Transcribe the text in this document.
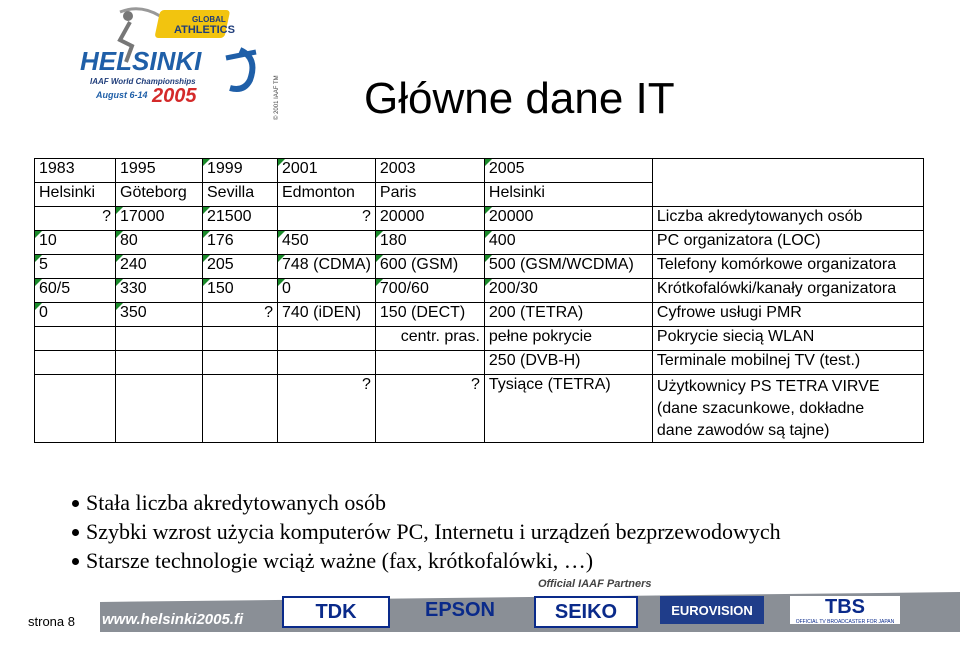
GLOBAL
ATHLETICS
HELSINKI
IAAF World Championships
August 6-14 2005	© 2001 IAAF TM Główne dane IT
1983	1995	1999	2001	2003	2005	
Helsinki	Göteborg	Sevilla	Edmonton	Paris	Helsinki	
?	17000	21500	?	20000	20000	Liczba akredytowanych osób
10	80	176	450	180	400	PC organizatora (LOC)
5	240	205	748 (CDMA)	600 (GSM)	500 (GSM/WCDMA)	Telefony komórkowe organizatora
60/5	330	150	0	700/60	200/30	Krótkofalówki/kanały organizatora
0	350	?	740 (iDEN)	150 (DECT)	200 (TETRA)	Cyfrowe usługi PMR
				centr. pras.	pełne pokrycie	Pokrycie siecią WLAN
					250 (DVB-H)	Terminale mobilnej TV (test.)
			?	?	Tysiące (TETRA)	Użytkownicy PS TETRA VIRVE
(dane szacunkowe, dokładne
dane zawodów są tajne)
Stała liczba akredytowanych osób
Szybki wzrost użycia komputerów PC, Internetu i urządzeń bezprzewodowych
Starsze technologie wciąż ważne (fax, krótkofalówki, …)
Official IAAF Partners
strona 8 www.helsinki2005.fi	TDK	EPSON	SEIKO	EUROVISION	TBS
OFFICIAL TV BROADCASTER FOR JAPAN
